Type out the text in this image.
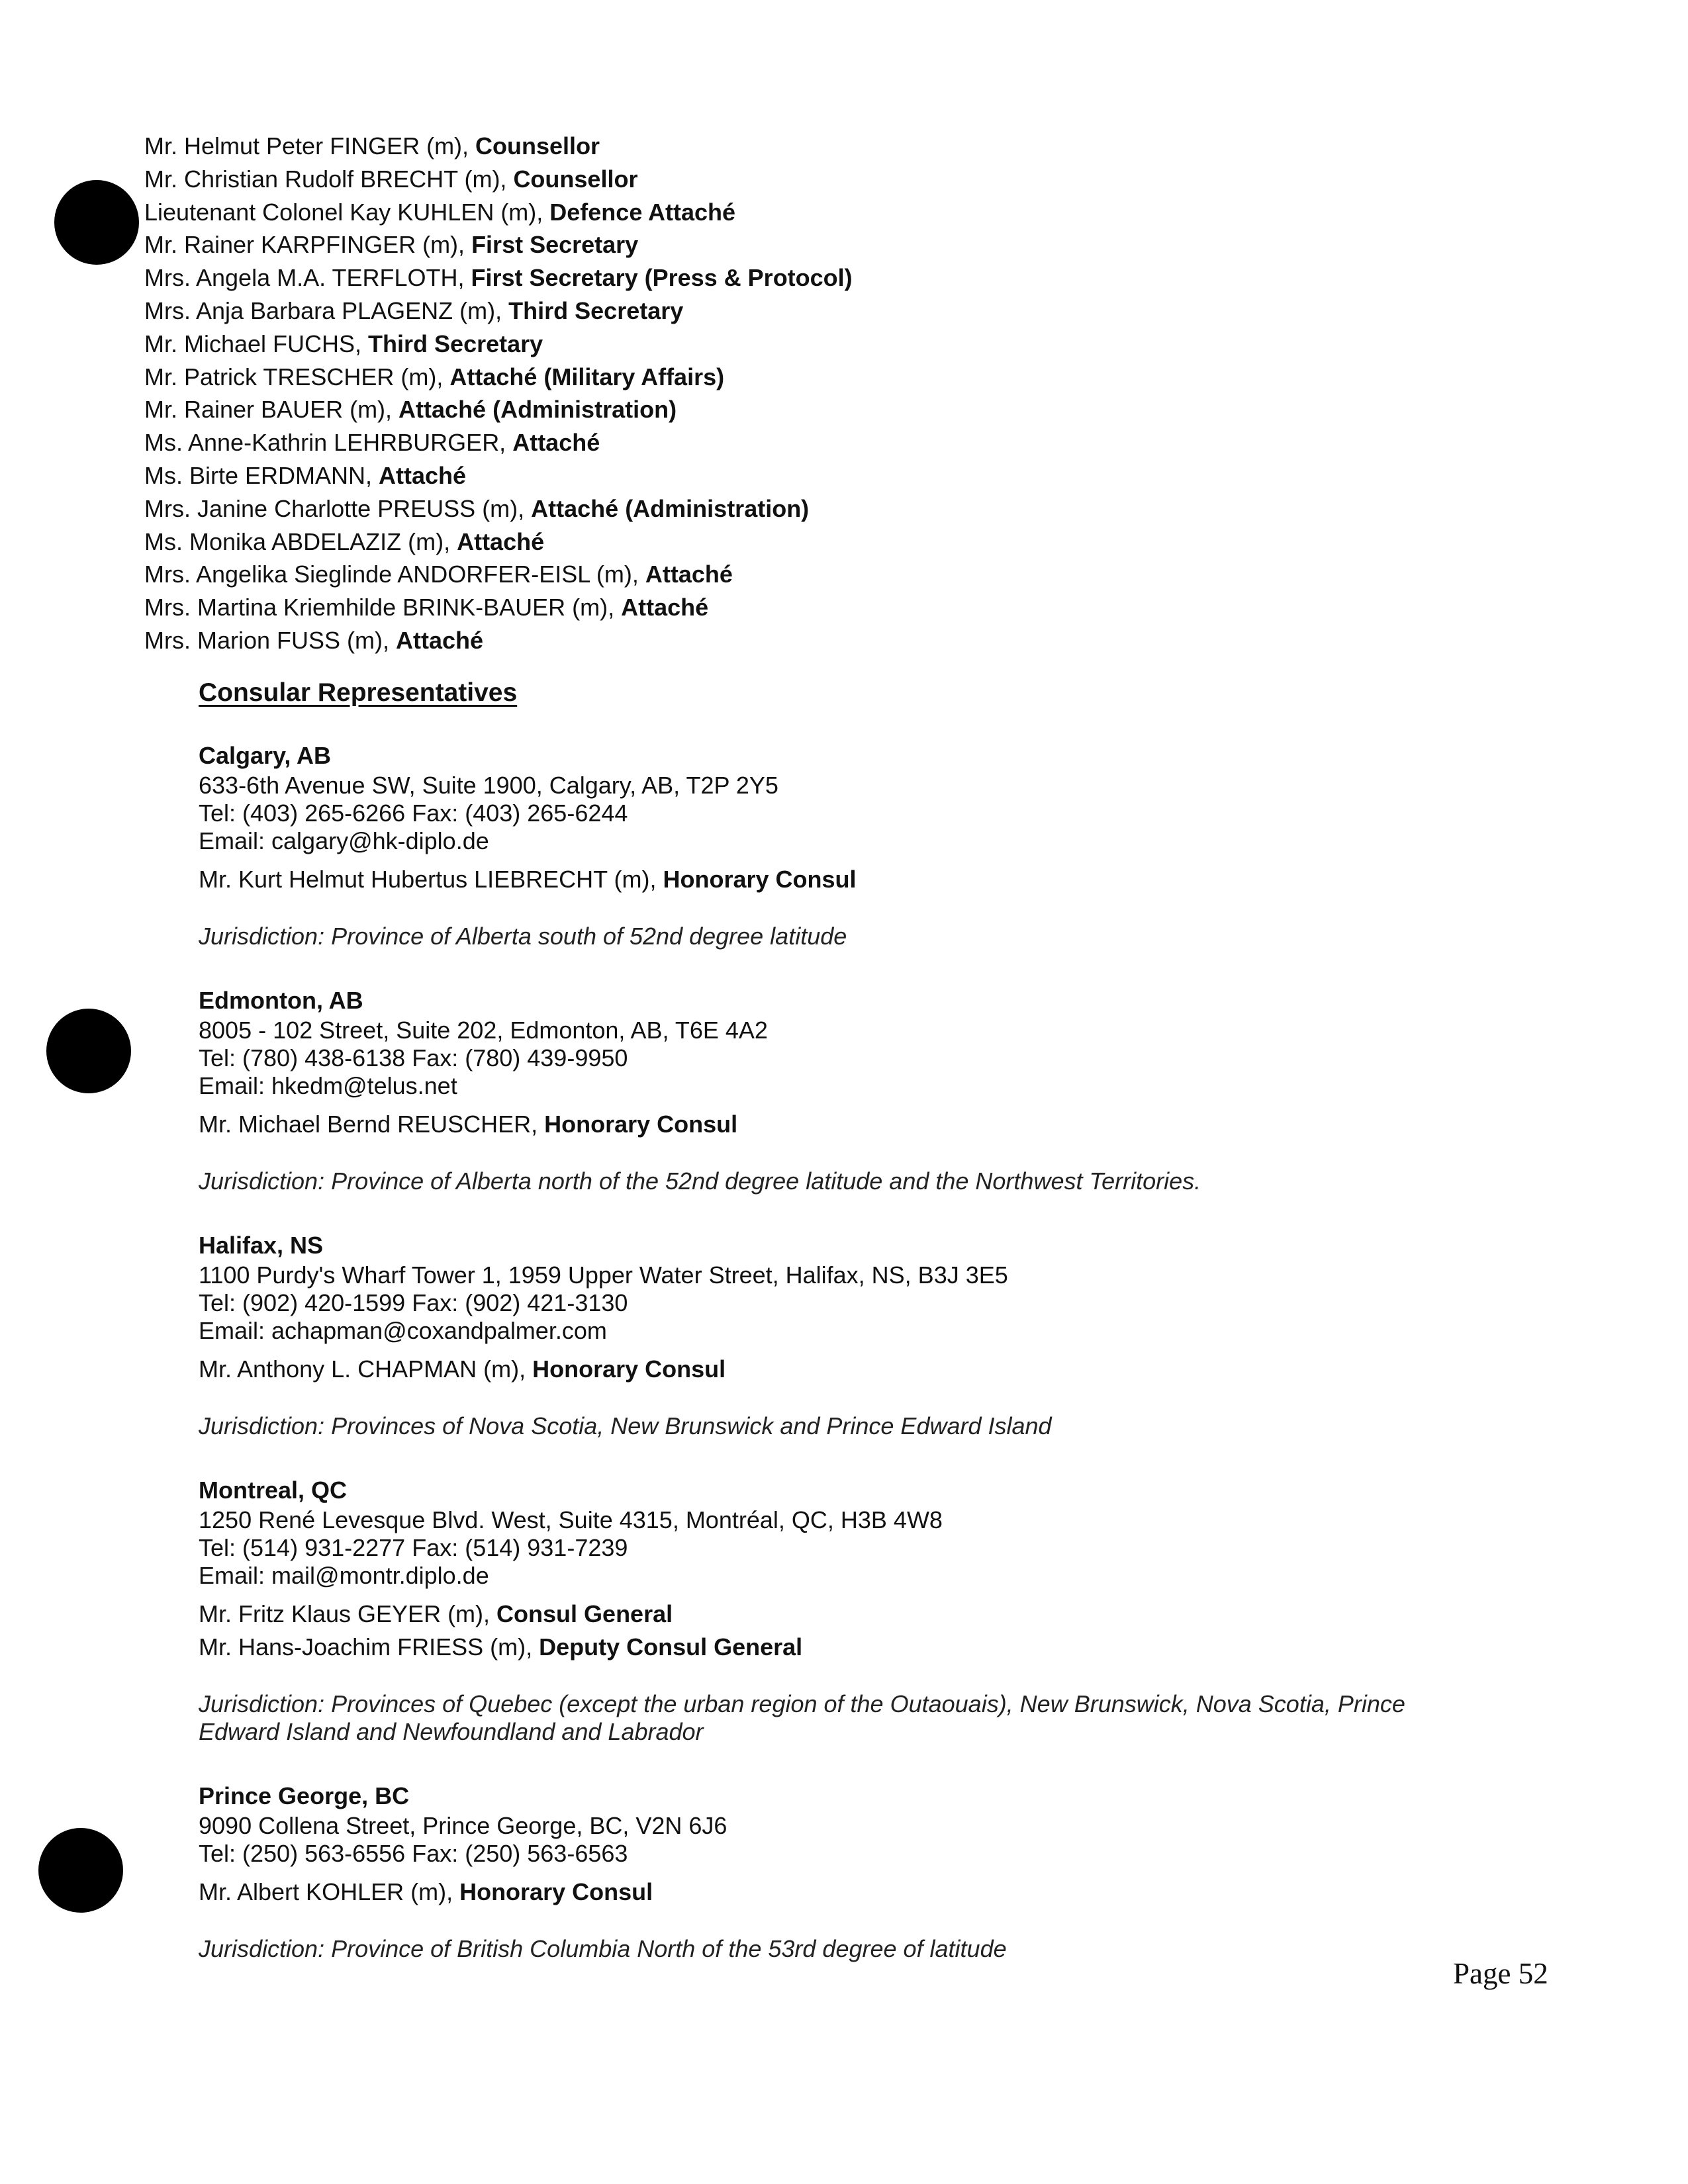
Mr. Helmut Peter FINGER (m), Counsellor
Mr. Christian Rudolf BRECHT (m), Counsellor
Lieutenant Colonel Kay KUHLEN (m), Defence Attaché
Mr. Rainer KARPFINGER (m), First Secretary
Mrs. Angela M.A. TERFLOTH, First Secretary (Press & Protocol)
Mrs. Anja Barbara PLAGENZ (m), Third Secretary
Mr. Michael FUCHS, Third Secretary
Mr. Patrick TRESCHER (m), Attaché (Military Affairs)
Mr. Rainer BAUER (m), Attaché (Administration)
Ms. Anne-Kathrin LEHRBURGER, Attaché
Ms. Birte ERDMANN, Attaché
Mrs. Janine Charlotte PREUSS (m), Attaché (Administration)
Ms. Monika ABDELAZIZ (m), Attaché
Mrs. Angelika Sieglinde ANDORFER-EISL (m), Attaché
Mrs. Martina Kriemhilde BRINK-BAUER (m), Attaché
Mrs. Marion FUSS (m), Attaché
Consular Representatives
Calgary, AB
633-6th Avenue SW, Suite 1900, Calgary, AB, T2P 2Y5
Tel: (403) 265-6266 Fax: (403) 265-6244
Email: calgary@hk-diplo.de
Mr. Kurt Helmut Hubertus LIEBRECHT (m), Honorary Consul
Jurisdiction: Province of Alberta south of 52nd degree latitude
Edmonton, AB
8005 - 102 Street, Suite 202, Edmonton, AB, T6E 4A2
Tel: (780) 438-6138 Fax: (780) 439-9950
Email: hkedm@telus.net
Mr. Michael Bernd REUSCHER, Honorary Consul
Jurisdiction: Province of Alberta north of the 52nd degree latitude and the Northwest Territories.
Halifax, NS
1100 Purdy's Wharf Tower 1, 1959 Upper Water Street, Halifax, NS, B3J 3E5
Tel: (902) 420-1599 Fax: (902) 421-3130
Email: achapman@coxandpalmer.com
Mr. Anthony L. CHAPMAN (m), Honorary Consul
Jurisdiction: Provinces of Nova Scotia, New Brunswick and Prince Edward Island
Montreal, QC
1250 René Levesque Blvd. West, Suite 4315, Montréal, QC, H3B 4W8
Tel: (514) 931-2277 Fax: (514) 931-7239
Email: mail@montr.diplo.de
Mr. Fritz Klaus GEYER (m), Consul General
Mr. Hans-Joachim FRIESS (m), Deputy Consul General
Jurisdiction: Provinces of Quebec (except the urban region of the Outaouais), New Brunswick, Nova Scotia, Prince Edward Island and Newfoundland and Labrador
Prince George, BC
9090 Collena Street, Prince George, BC, V2N 6J6
Tel: (250) 563-6556 Fax: (250) 563-6563
Mr. Albert KOHLER (m), Honorary Consul
Jurisdiction: Province of British Columbia North of the 53rd degree of latitude
Page 52
